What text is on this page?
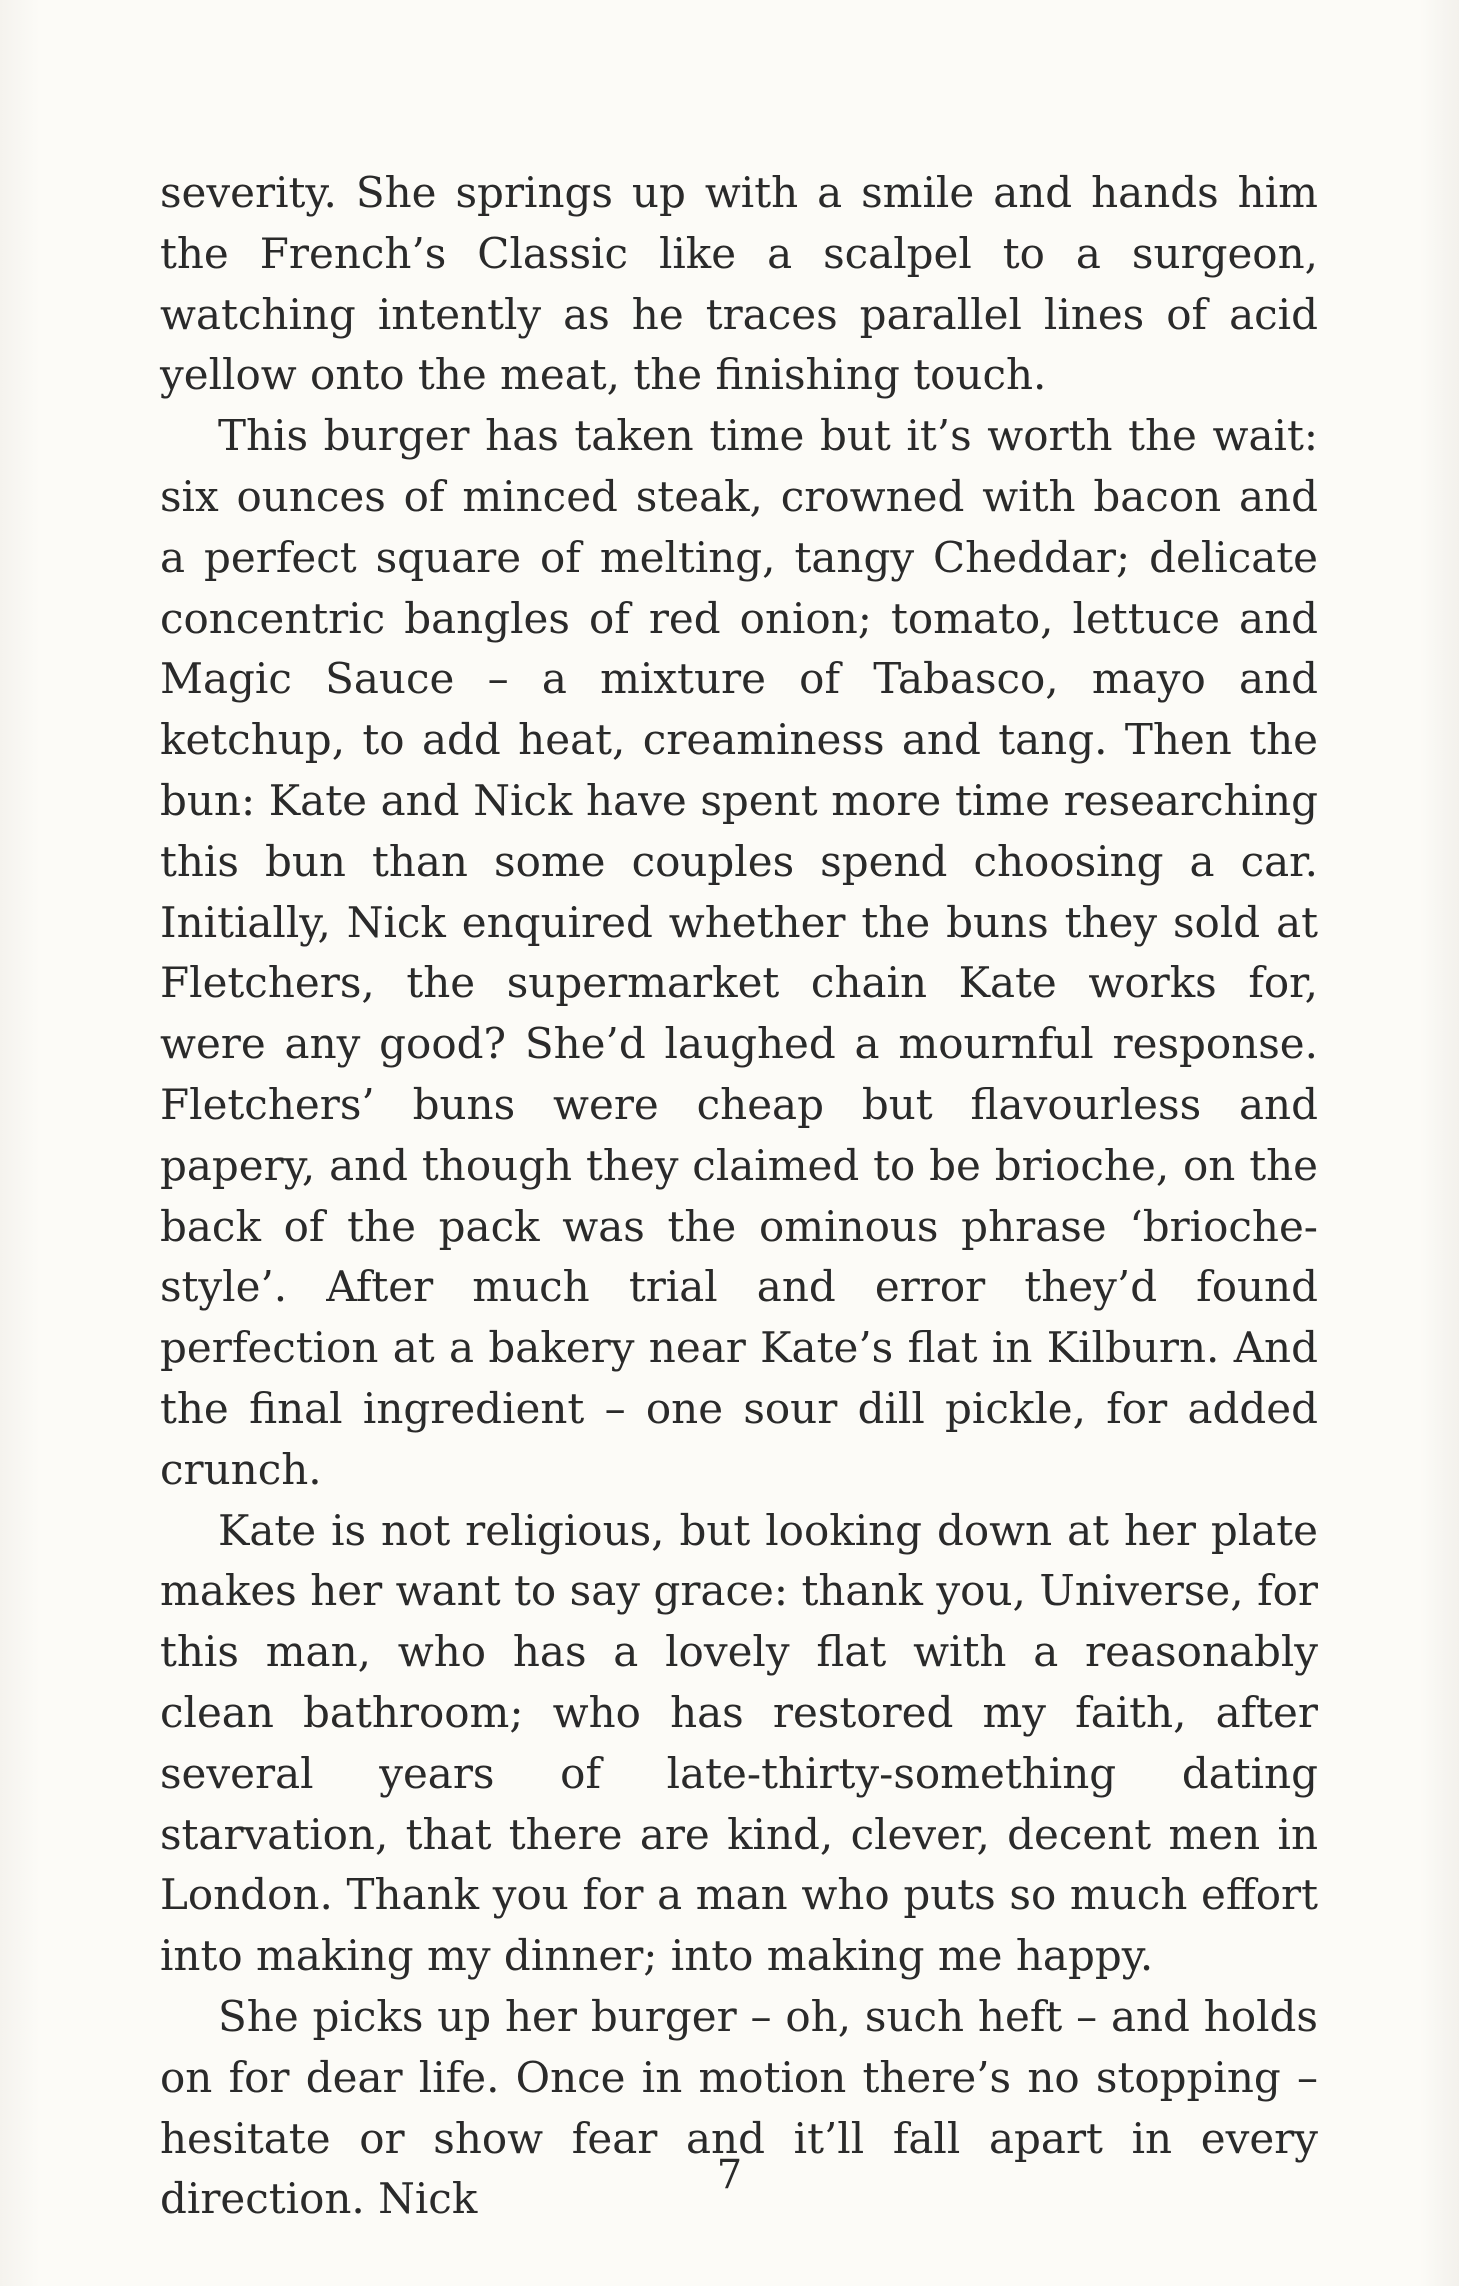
severity. She springs up with a smile and hands him the French’s Classic like a scalpel to a surgeon, watching intently as he traces parallel lines of acid yellow onto the meat, the finishing touch.

This burger has taken time but it’s worth the wait: six ounces of minced steak, crowned with bacon and a perfect square of melting, tangy Cheddar; delicate concentric bangles of red onion; tomato, lettuce and Magic Sauce – a mixture of Tabasco, mayo and ketchup, to add heat, creaminess and tang. Then the bun: Kate and Nick have spent more time researching this bun than some couples spend choosing a car. Initially, Nick enquired whether the buns they sold at Fletchers, the supermarket chain Kate works for, were any good? She’d laughed a mournful response. Fletchers’ buns were cheap but flavourless and papery, and though they claimed to be brioche, on the back of the pack was the ominous phrase ‘brioche-style’. After much trial and error they’d found perfection at a bakery near Kate’s flat in Kilburn. And the final ingredient – one sour dill pickle, for added crunch.

Kate is not religious, but looking down at her plate makes her want to say grace: thank you, Universe, for this man, who has a lovely flat with a reasonably clean bathroom; who has restored my faith, after several years of late-thirty-something dating starvation, that there are kind, clever, decent men in London. Thank you for a man who puts so much effort into making my dinner; into making me happy.

She picks up her burger – oh, such heft – and holds on for dear life. Once in motion there’s no stopping – hesitate or show fear and it’ll fall apart in every direction. Nick	7
